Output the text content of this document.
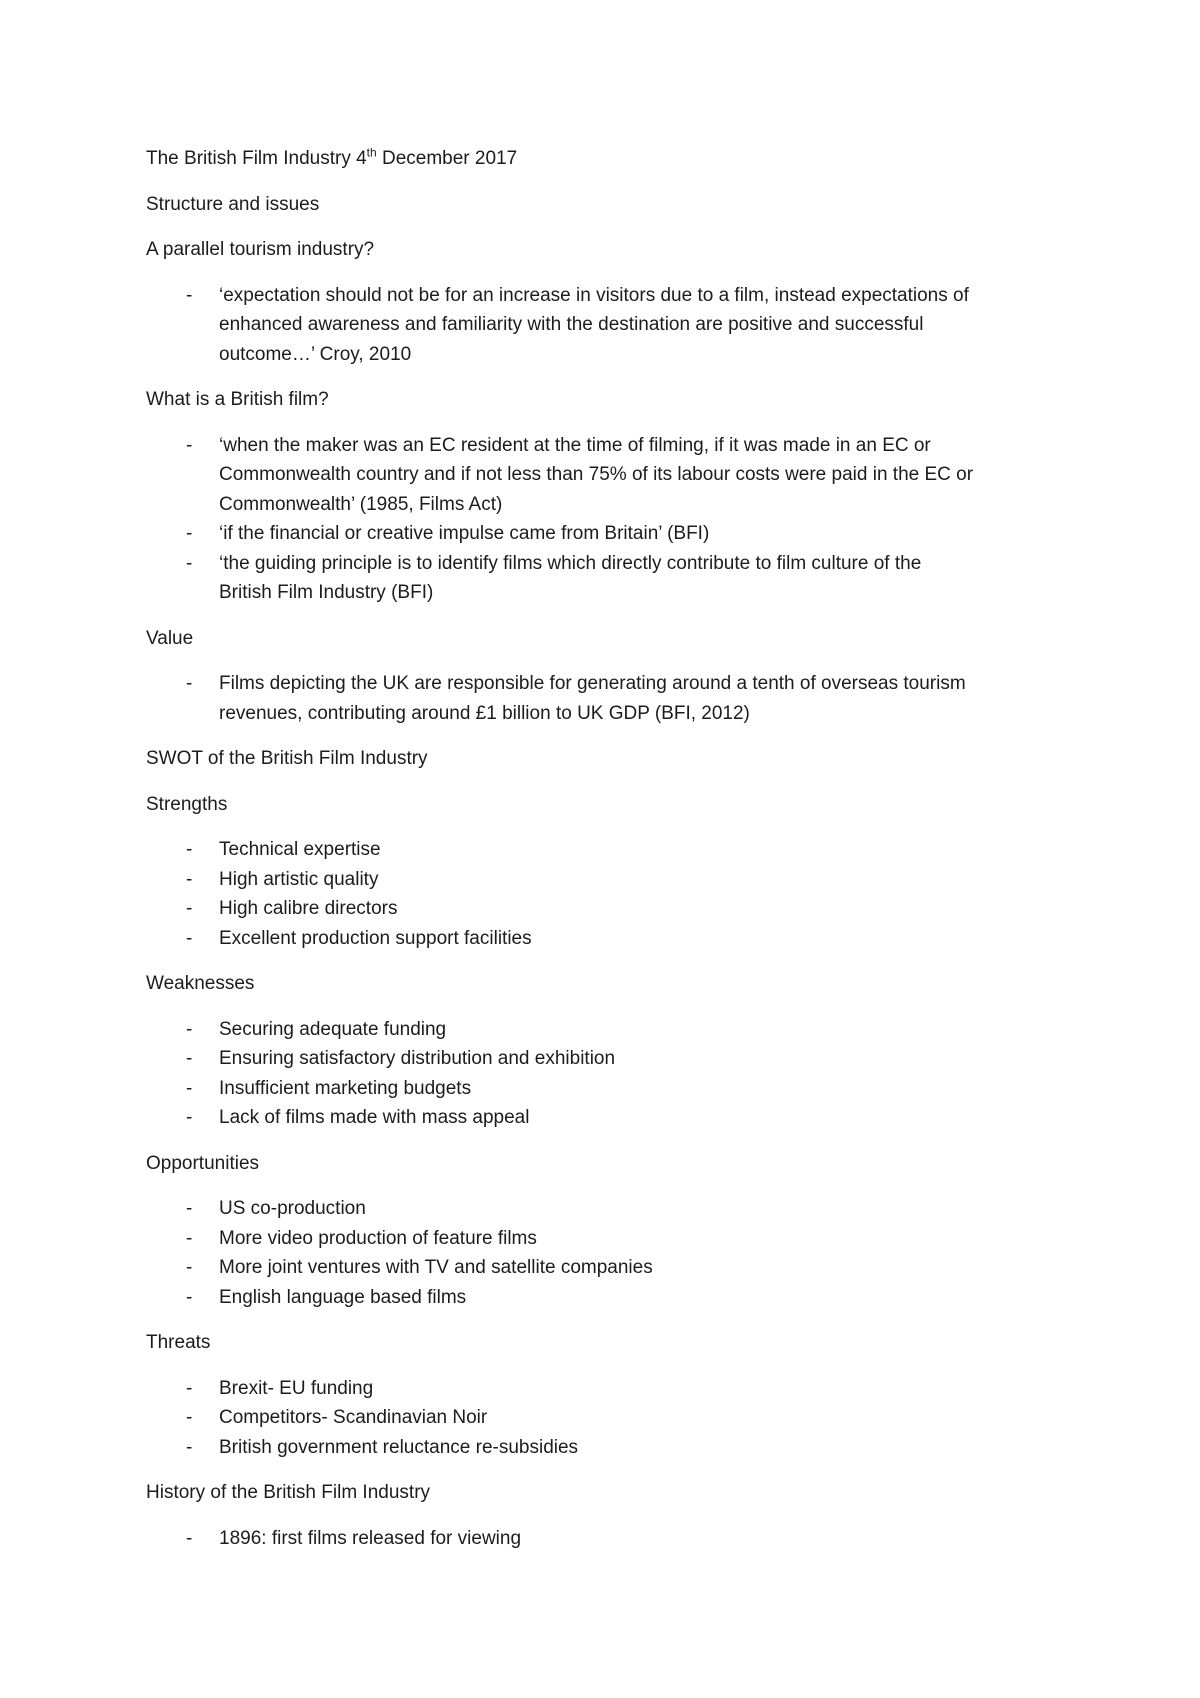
The British Film Industry 4th December 2017

Structure and issues

A parallel tourism industry?

- ‘expectation should not be for an increase in visitors due to a film, instead expectations of
enhanced awareness and familiarity with the destination are positive and successful
outcome…’ Croy, 2010

What is a British film?

- ‘when the maker was an EC resident at the time of filming, if it was made in an EC or
Commonwealth country and if not less than 75% of its labour costs were paid in the EC or
Commonwealth’ (1985, Films Act)
- ‘if the financial or creative impulse came from Britain’ (BFI)
- ‘the guiding principle is to identify films which directly contribute to film culture of the
British Film Industry (BFI)

Value

- Films depicting the UK are responsible for generating around a tenth of overseas tourism
revenues, contributing around £1 billion to UK GDP (BFI, 2012)

SWOT of the British Film Industry

Strengths

- Technical expertise
- High artistic quality
- High calibre directors
- Excellent production support facilities

Weaknesses

- Securing adequate funding
- Ensuring satisfactory distribution and exhibition
- Insufficient marketing budgets
- Lack of films made with mass appeal

Opportunities

- US co-production
- More video production of feature films
- More joint ventures with TV and satellite companies
- English language based films

Threats

- Brexit- EU funding
- Competitors- Scandinavian Noir
- British government reluctance re-subsidies

History of the British Film Industry

- 1896: first films released for viewing
